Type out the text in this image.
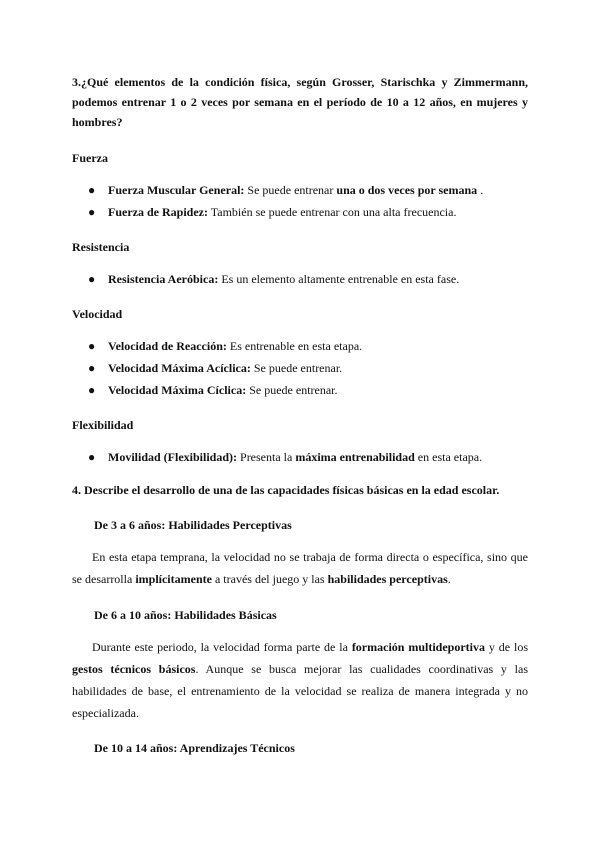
3.¿Qué elementos de la condición física, según Grosser, Starischka y Zimmermann, podemos entrenar 1 o 2 veces por semana en el período de 10 a 12 años, en mujeres y hombres?
Fuerza
● Fuerza Muscular General: Se puede entrenar una o dos veces por semana .
● Fuerza de Rapidez: También se puede entrenar con una alta frecuencia.
Resistencia
● Resistencia Aeróbica: Es un elemento altamente entrenable en esta fase.
Velocidad
● Velocidad de Reacción: Es entrenable en esta etapa.
● Velocidad Máxima Acíclica: Se puede entrenar.
● Velocidad Máxima Cíclica: Se puede entrenar.
Flexibilidad
● Movilidad (Flexibilidad): Presenta la máxima entrenabilidad en esta etapa.
4. Describe el desarrollo de una de las capacidades físicas básicas en la edad escolar.
De 3 a 6 años: Habilidades Perceptivas
En esta etapa temprana, la velocidad no se trabaja de forma directa o específica, sino que se desarrolla implícitamente a través del juego y las habilidades perceptivas.
De 6 a 10 años: Habilidades Básicas
Durante este periodo, la velocidad forma parte de la formación multideportiva y de los gestos técnicos básicos. Aunque se busca mejorar las cualidades coordinativas y las habilidades de base, el entrenamiento de la velocidad se realiza de manera integrada y no especializada.
De 10 a 14 años: Aprendizajes Técnicos
